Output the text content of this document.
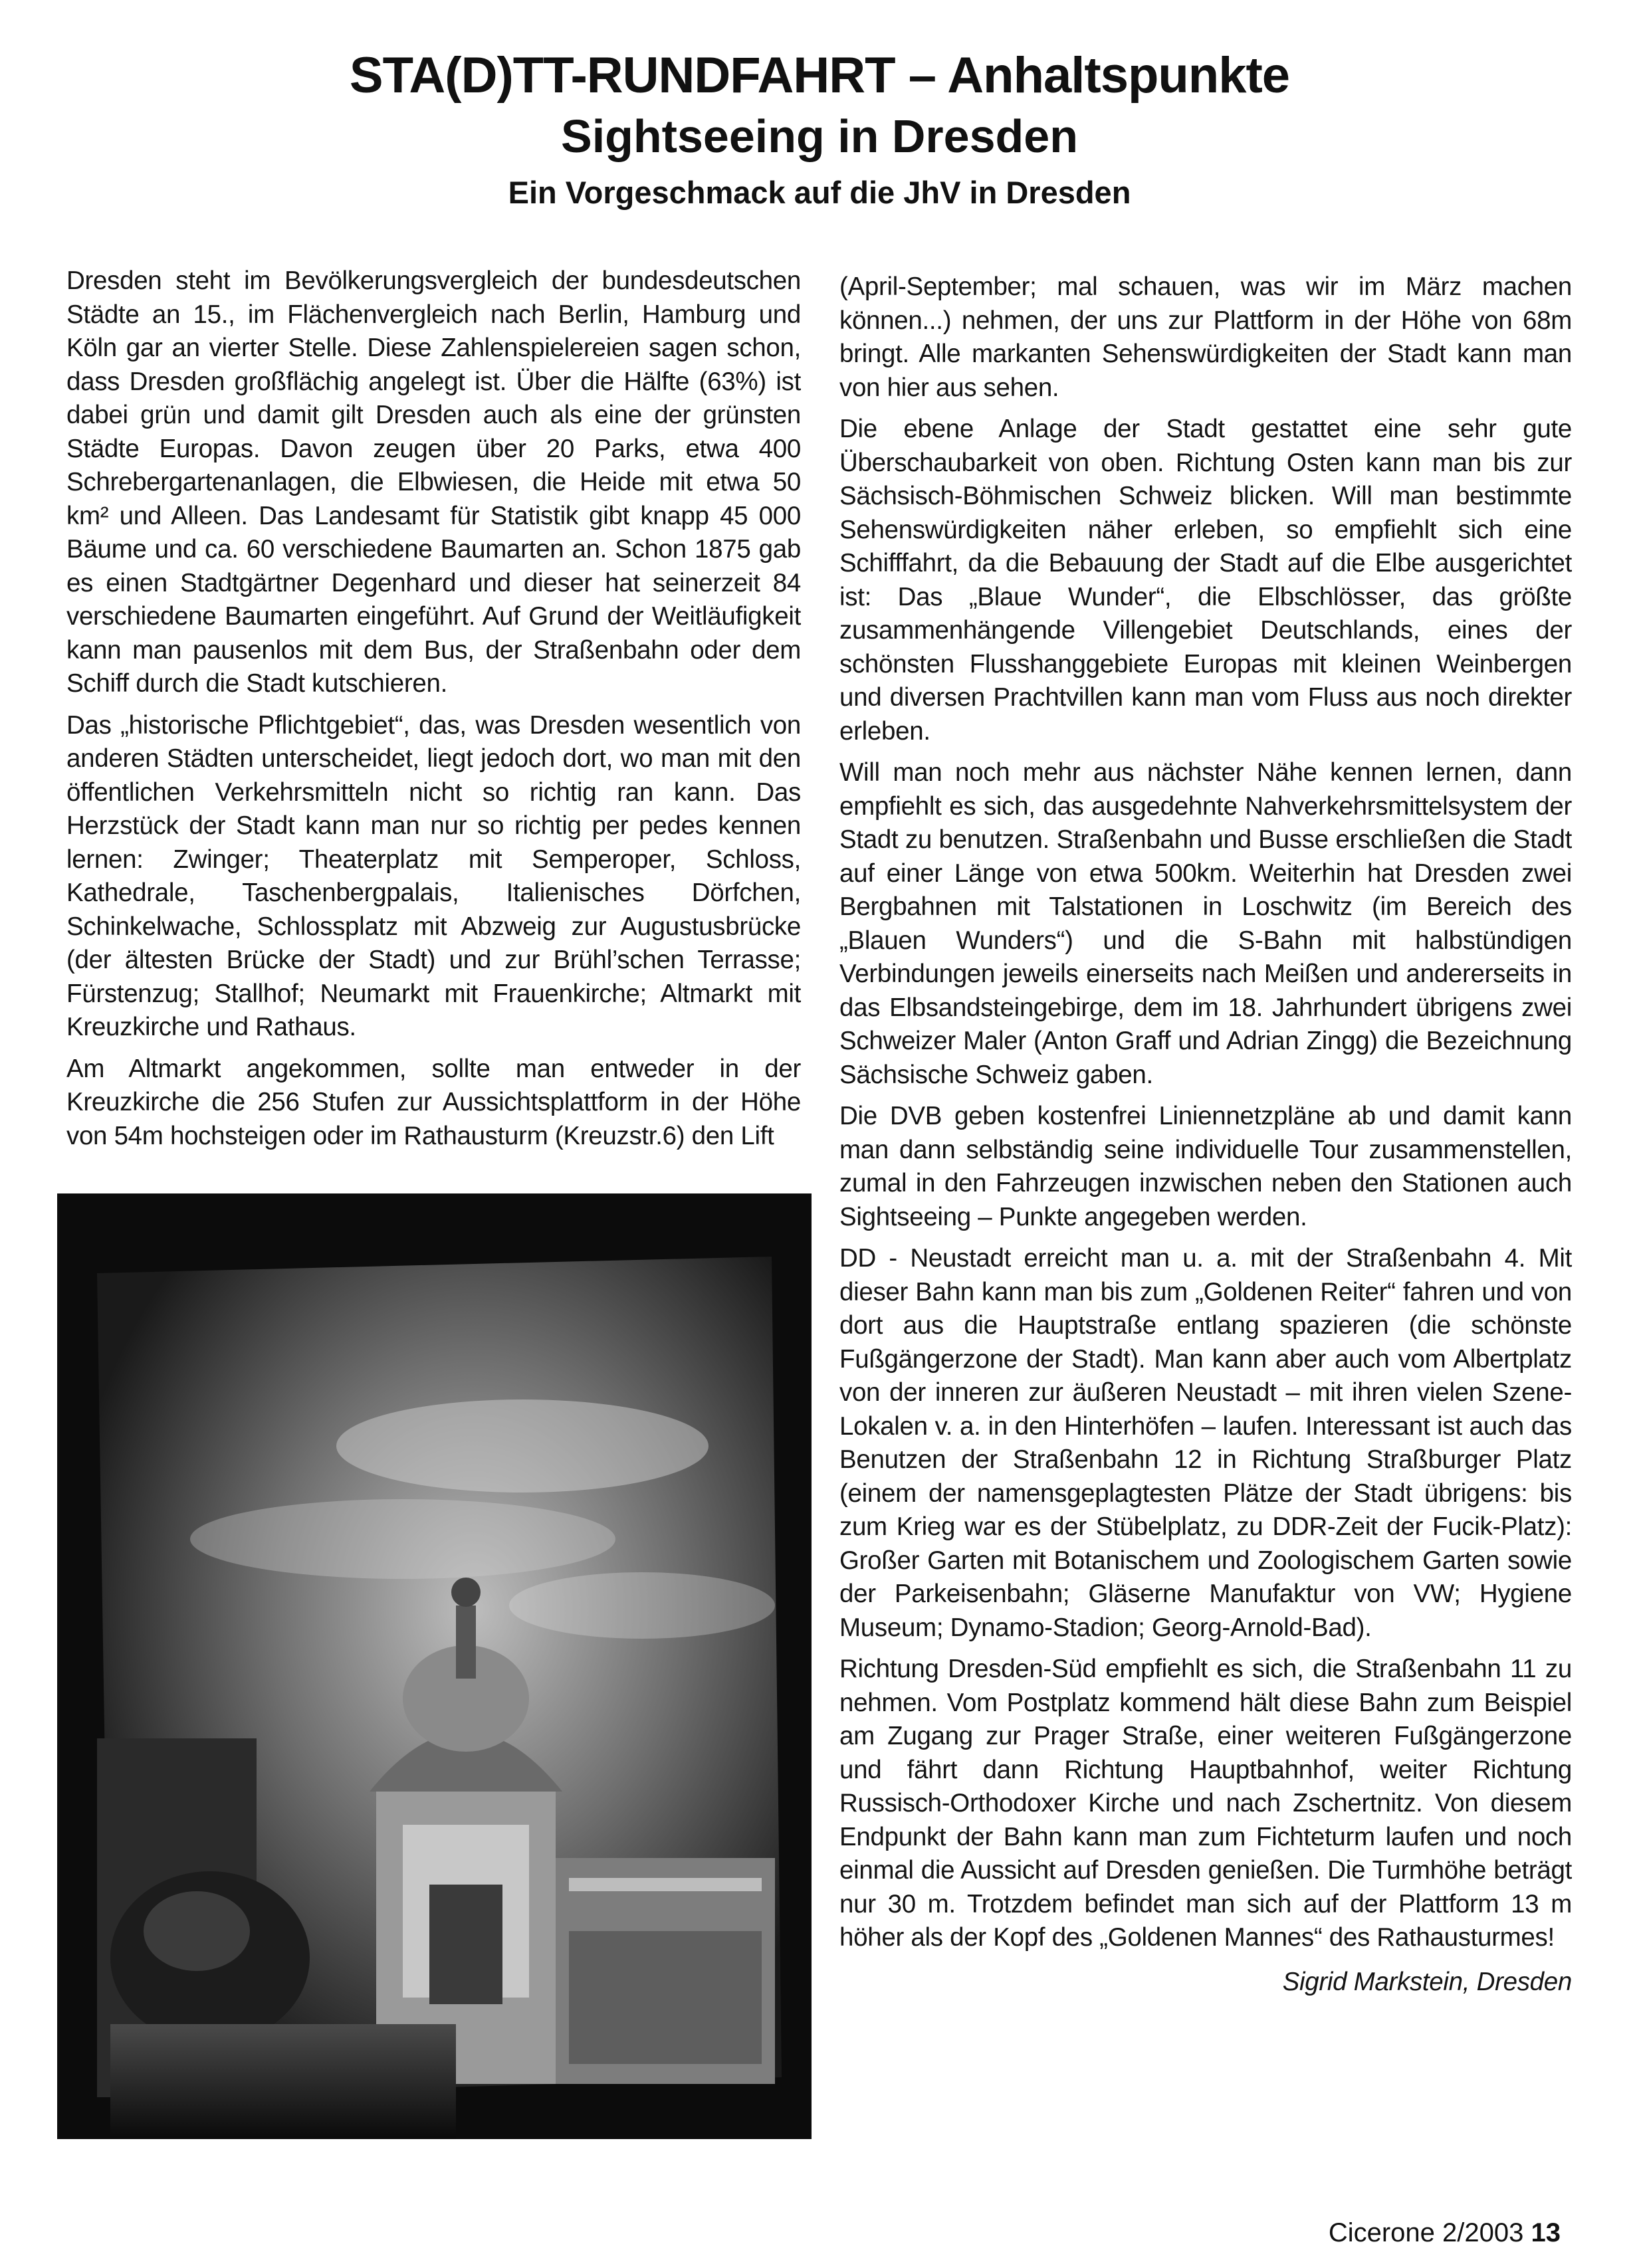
STA(D)TT-RUNDFAHRT – Anhaltspunkte
Sightseeing in Dresden
Ein Vorgeschmack auf die JhV in Dresden

Dresden steht im Bevölkerungsvergleich der bundesdeutschen Städte an 15., im Flächenvergleich nach Berlin, Hamburg und Köln gar an vierter Stelle. Diese Zahlenspielereien sagen schon, dass Dresden großflächig angelegt ist. Über die Hälfte (63%) ist dabei grün und damit gilt Dresden auch als eine der grünsten Städte Europas. Davon zeugen über 20 Parks, etwa 400 Schrebergartenanlagen, die Elbwiesen, die Heide mit etwa 50 km² und Alleen. Das Landesamt für Statistik gibt knapp 45 000 Bäume und ca. 60 verschiedene Baumarten an. Schon 1875 gab es einen Stadtgärtner Degenhard und dieser hat seinerzeit 84 verschiedene Baumarten eingeführt. Auf Grund der Weitläufigkeit kann man pausenlos mit dem Bus, der Straßenbahn oder dem Schiff durch die Stadt kutschieren.

Das „historische Pflichtgebiet“, das, was Dresden wesentlich von anderen Städten unterscheidet, liegt jedoch dort, wo man mit den öffentlichen Verkehrsmitteln nicht so richtig ran kann. Das Herzstück der Stadt kann man nur so richtig per pedes kennen lernen: Zwinger; Theaterplatz mit Semperoper, Schloss, Kathedrale, Taschenbergpalais, Italienisches Dörfchen, Schinkelwache, Schlossplatz mit Abzweig zur Augustusbrücke (der ältesten Brücke der Stadt) und zur Brühl’schen Terrasse; Fürstenzug; Stallhof; Neumarkt mit Frauenkirche; Altmarkt mit Kreuzkirche und Rathaus.

Am Altmarkt angekommen, sollte man entweder in der Kreuzkirche die 256 Stufen zur Aussichtsplattform in der Höhe von 54m hochsteigen oder im Rathausturm (Kreuzstr.6) den Lift

(April-September; mal schauen, was wir im März machen können...) nehmen, der uns zur Plattform in der Höhe von 68m bringt. Alle markanten Sehenswürdigkeiten der Stadt kann man von hier aus sehen.

Die ebene Anlage der Stadt gestattet eine sehr gute Überschaubarkeit von oben. Richtung Osten kann man bis zur Sächsisch-Böhmischen Schweiz blicken. Will man bestimmte Sehenswürdigkeiten näher erleben, so empfiehlt sich eine Schifffahrt, da die Bebauung der Stadt auf die Elbe ausgerichtet ist: Das „Blaue Wunder“, die Elbschlösser, das größte zusammenhängende Villengebiet Deutschlands, eines der schönsten Flusshanggebiete Europas mit kleinen Weinbergen und diversen Prachtvillen kann man vom Fluss aus noch direkter erleben.

Will man noch mehr aus nächster Nähe kennen lernen, dann empfiehlt es sich, das ausgedehnte Nahverkehrsmittelsystem der Stadt zu benutzen. Straßenbahn und Busse erschließen die Stadt auf einer Länge von etwa 500km. Weiterhin hat Dresden zwei Bergbahnen mit Talstationen in Loschwitz (im Bereich des „Blauen Wunders“) und die S-Bahn mit halbstündigen Verbindungen jeweils einerseits nach Meißen und andererseits in das Elbsandsteingebirge, dem im 18. Jahrhundert übrigens zwei Schweizer Maler (Anton Graff und Adrian Zingg) die Bezeichnung Sächsische Schweiz gaben.

Die DVB geben kostenfrei Liniennetzpläne ab und damit kann man dann selbständig seine individuelle Tour zusammenstellen, zumal in den Fahrzeugen inzwischen neben den Stationen auch Sightseeing – Punkte angegeben werden.

DD - Neustadt erreicht man u. a. mit der Straßenbahn 4. Mit dieser Bahn kann man bis zum „Goldenen Reiter“ fahren und von dort aus die Hauptstraße entlang spazieren (die schönste Fußgängerzone der Stadt). Man kann aber auch vom Albertplatz von der inneren zur äußeren Neustadt – mit ihren vielen Szene-Lokalen v. a. in den Hinterhöfen – laufen. Interessant ist auch das Benutzen der Straßenbahn 12 in Richtung Straßburger Platz (einem der namensgeplagtesten Plätze der Stadt übrigens: bis zum Krieg war es der Stübelplatz, zu DDR-Zeit der Fucik-Platz): Großer Garten mit Botanischem und Zoologischem Garten sowie der Parkeisenbahn; Gläserne Manufaktur von VW; Hygiene Museum; Dynamo-Stadion; Georg-Arnold-Bad).

Richtung Dresden-Süd empfiehlt es sich, die Straßenbahn 11 zu nehmen. Vom Postplatz kommend hält diese Bahn zum Beispiel am Zugang zur Prager Straße, einer weiteren Fußgängerzone und fährt dann Richtung Hauptbahnhof, weiter Richtung Russisch-Orthodoxer Kirche und nach Zschertnitz. Von diesem Endpunkt der Bahn kann man zum Fichteturm laufen und noch einmal die Aussicht auf Dresden genießen. Die Turmhöhe beträgt nur 30 m. Trotzdem befindet man sich auf der Plattform 13 m höher als der Kopf des „Goldenen Mannes“ des Rathausturmes!

Sigrid Markstein, Dresden
Cicerone 2/2003 13
